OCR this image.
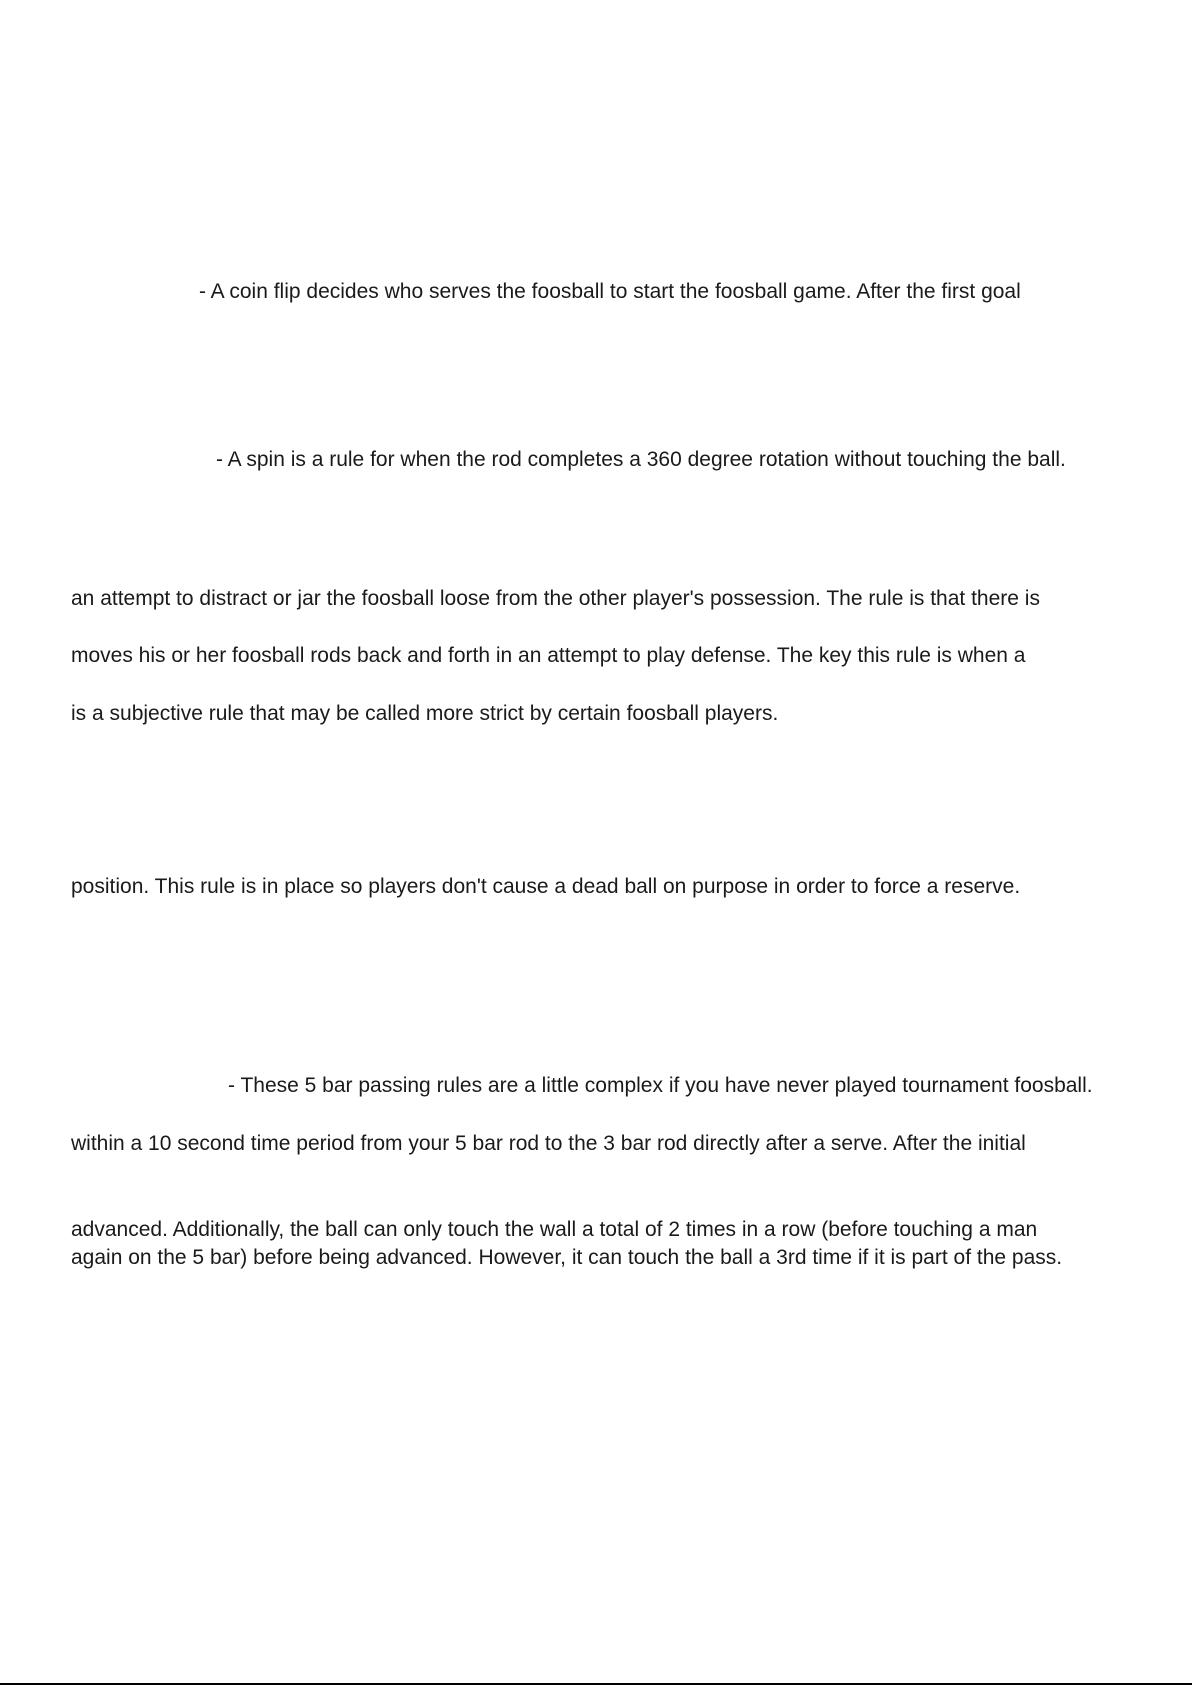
- A coin flip decides who serves the foosball to start the foosball game. After the first goal
- A spin is a rule for when the rod completes a 360 degree rotation without touching the ball.
an attempt to distract or jar the foosball loose from the other player's possession. The rule is that there is
moves his or her foosball rods back and forth in an attempt to play defense. The key this rule is when a
is a subjective rule that may be called more strict by certain foosball players.
position. This rule is in place so players don't cause a dead ball on purpose in order to force a reserve.
- These 5 bar passing rules are a little complex if you have never played tournament foosball.
within a 10 second time period from your 5 bar rod to the 3 bar rod directly after a serve. After the initial
advanced. Additionally, the ball can only touch the wall a total of 2 times in a row (before touching a man
again on the 5 bar) before being advanced. However, it can touch the ball a 3rd time if it is part of the pass.
